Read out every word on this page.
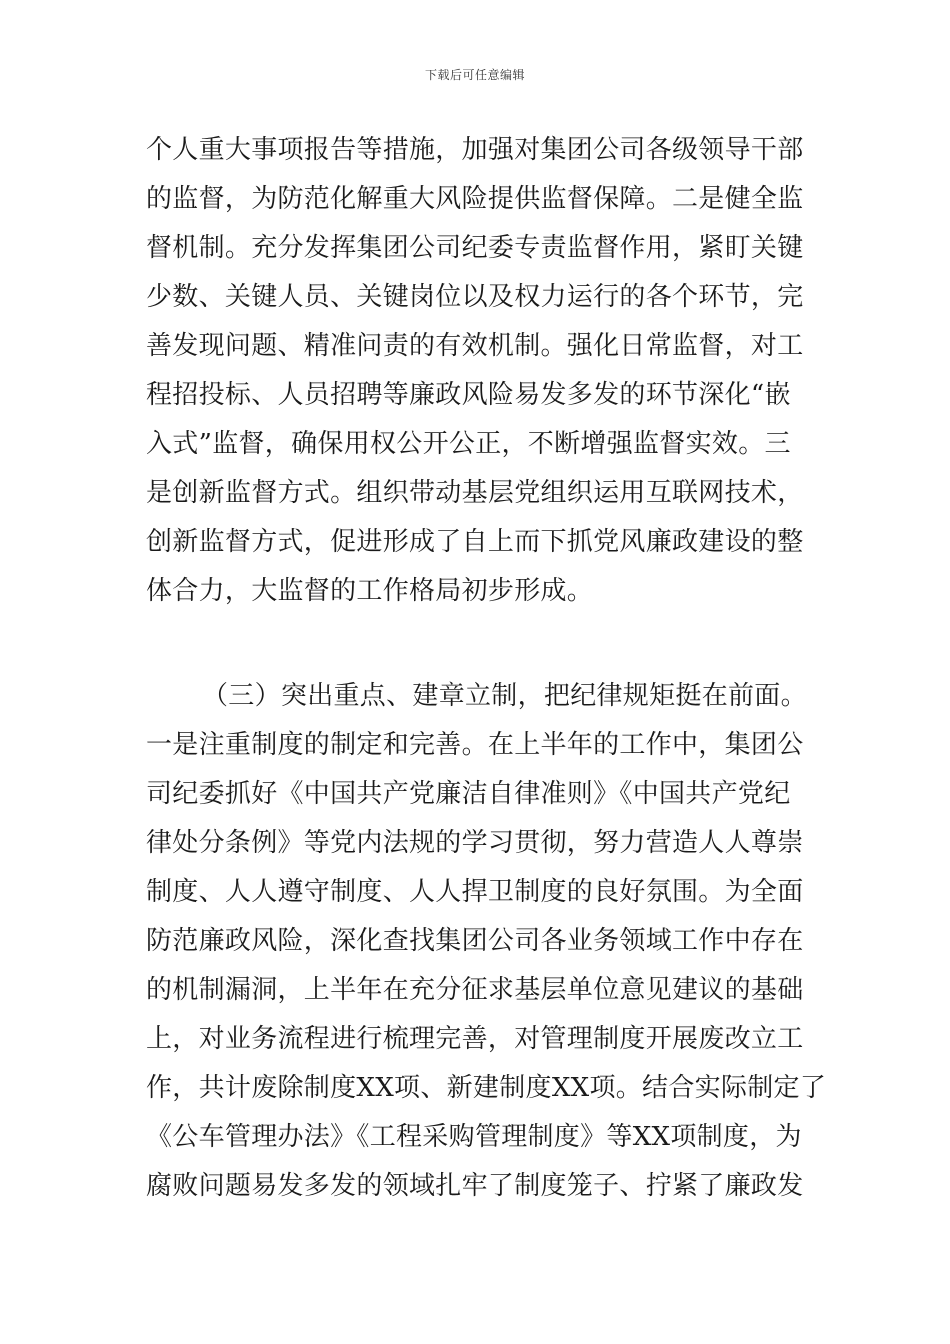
下载后可任意编辑
个人重大事项报告等措施，加强对集团公司各级领导干部
的监督，为防范化解重大风险提供监督保障。二是健全监
督机制。充分发挥集团公司纪委专责监督作用，紧盯关键
少数、关键人员、关键岗位以及权力运行的各个环节，完
善发现问题、精准问责的有效机制。强化日常监督，对工
程招投标、人员招聘等廉政风险易发多发的环节深化“嵌
入式”监督，确保用权公开公正，不断增强监督实效。三
是创新监督方式。组织带动基层党组织运用互联网技术，
创新监督方式，促进形成了自上而下抓党风廉政建设的整
体合力，大监督的工作格局初步形成。
（三）突出重点、建章立制，把纪律规矩挺在前面。
一是注重制度的制定和完善。在上半年的工作中，集团公
司纪委抓好《中国共产党廉洁自律准则》《中国共产党纪
律处分条例》等党内法规的学习贯彻，努力营造人人尊崇
制度、人人遵守制度、人人捍卫制度的良好氛围。为全面
防范廉政风险，深化查找集团公司各业务领域工作中存在
的机制漏洞，上半年在充分征求基层单位意见建议的基础
上，对业务流程进行梳理完善，对管理制度开展废改立工
作，共计废除制度XX项、新建制度XX项。结合实际制定了
《公车管理办法》《工程采购管理制度》等XX项制度，为
腐败问题易发多发的领域扎牢了制度笼子、拧紧了廉政发
